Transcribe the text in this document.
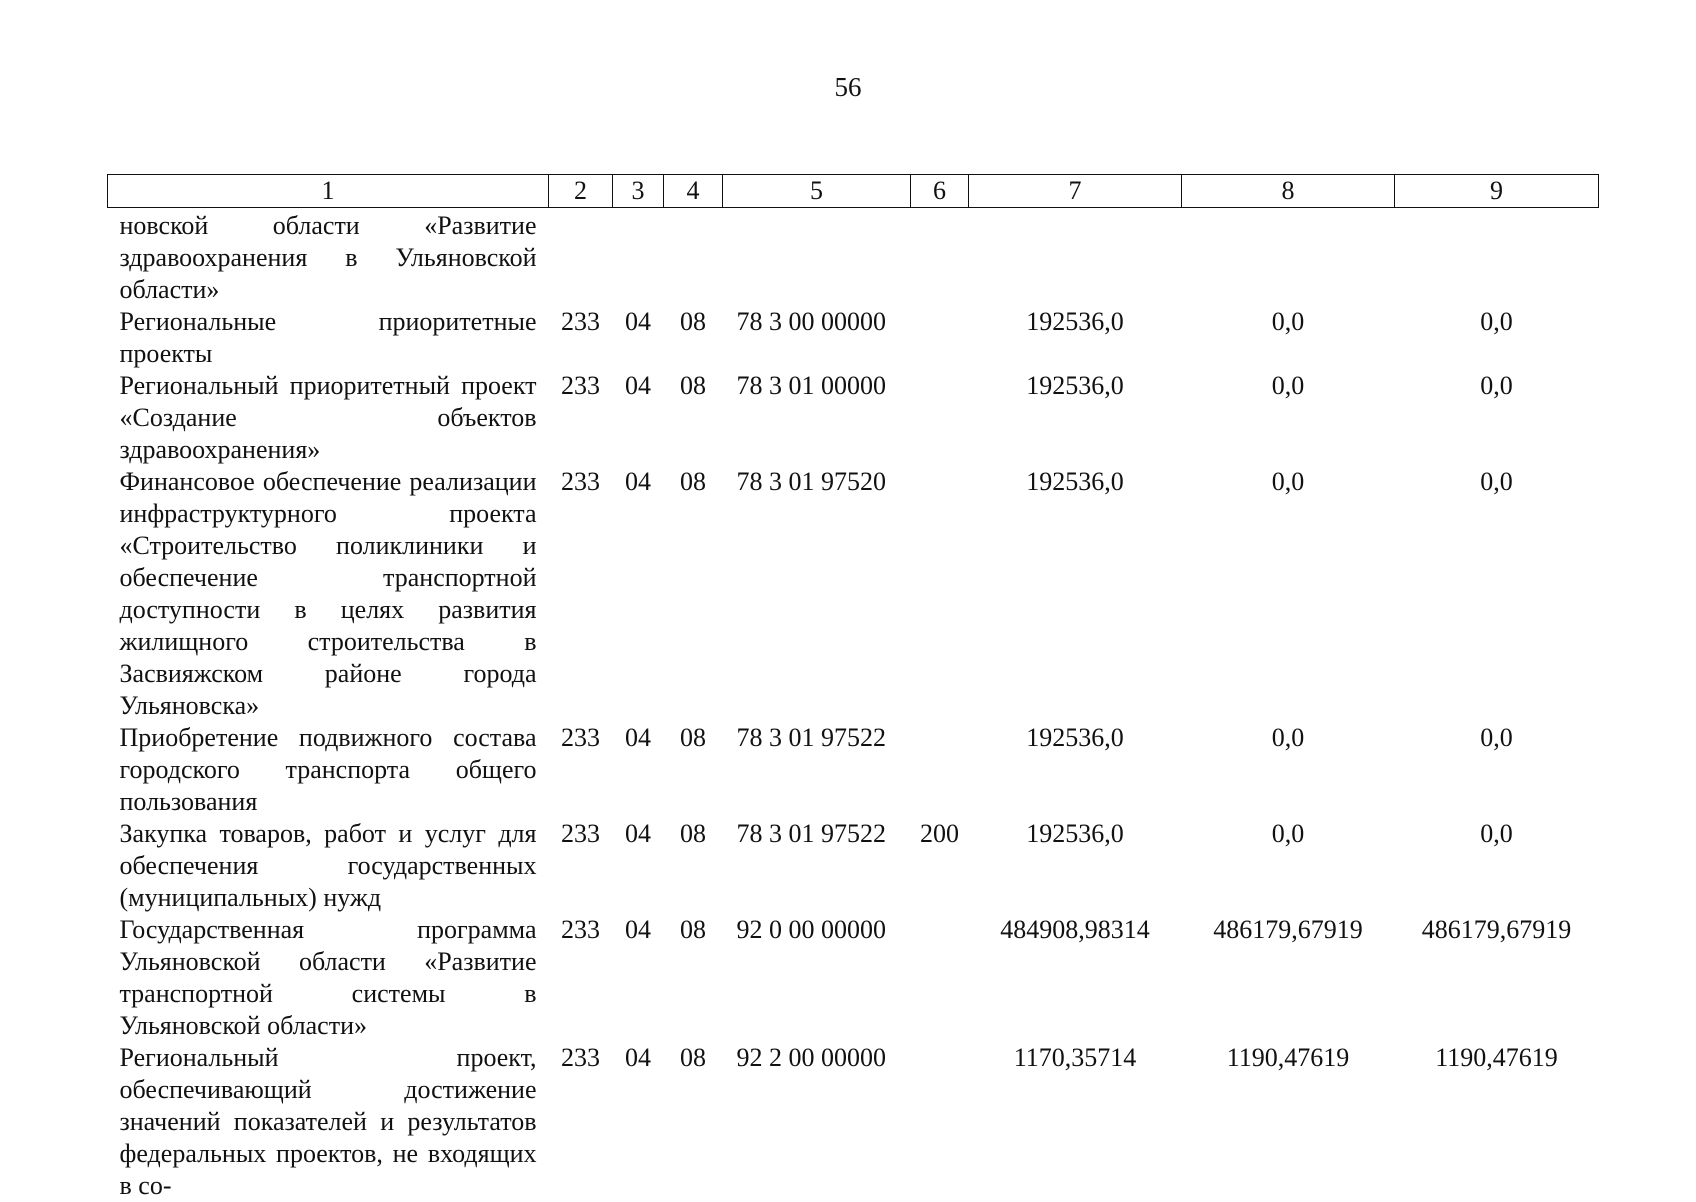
56
1	2	3	4	5	6	7	8	9
новской области «Развитие здравоохранения в Ульяновской области»								
Региональные приоритетные проекты	233	04	08	78 3 00 00000		192536,0	0,0	0,0
Региональный приоритетный проект «Создание объектов здравоохранения»	233	04	08	78 3 01 00000		192536,0	0,0	0,0
Финансовое обеспечение реализации инфраструктурного проекта «Строительство поликлиники и обеспечение транспортной доступности в целях развития жилищного строительства в Засвияжском районе города Ульяновска»	233	04	08	78 3 01 97520		192536,0	0,0	0,0
Приобретение подвижного состава городского транспорта общего пользования	233	04	08	78 3 01 97522		192536,0	0,0	0,0
Закупка товаров, работ и услуг для обеспечения государственных (муниципальных) нужд	233	04	08	78 3 01 97522	200	192536,0	0,0	0,0
Государственная программа Ульяновской области «Развитие транспортной системы в Ульяновской области»	233	04	08	92 0 00 00000		484908,98314	486179,67919	486179,67919
Региональный проект, обеспечивающий достижение значений показателей и результатов федеральных проектов, не входящих в со-	233	04	08	92 2 00 00000		1170,35714	1190,47619	1190,47619
